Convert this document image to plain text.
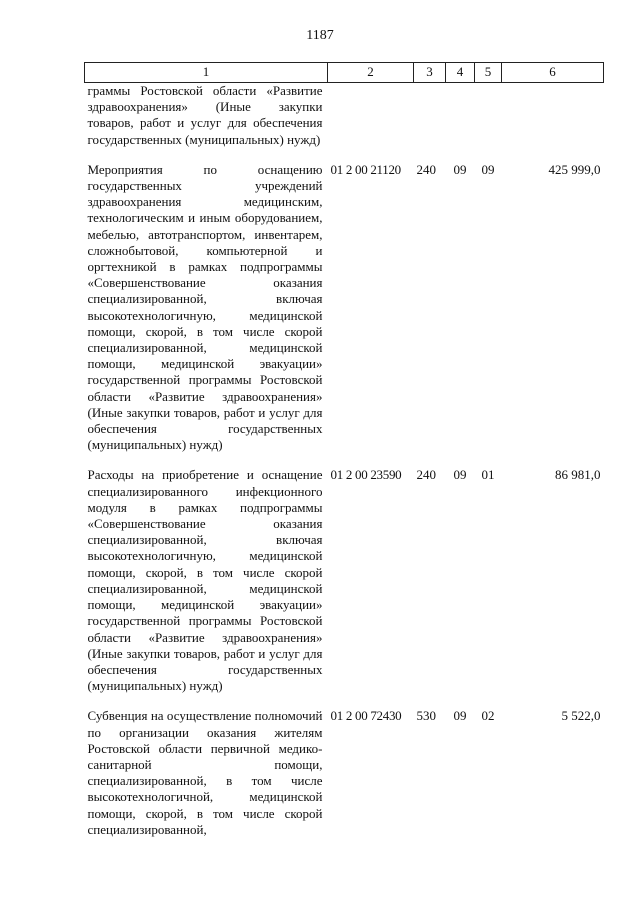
1187
1	2	3	4	5	6
граммы Ростовской области «Развитие здравоохранения» (Иные закупки товаров, работ и услуг для обеспечения государственных (муниципальных) нужд)					
Мероприятия по оснащению государственных учреждений здравоохранения медицинским, технологическим и иным оборудованием, мебелью, автотранспортом, инвентарем, сложнобытовой, компьютерной и оргтехникой в рамках подпрограммы «Совершенствование оказания специализированной, включая высокотехнологичную, медицинской помощи, скорой, в том числе скорой специализированной, медицинской помощи, медицинской эвакуации» государственной программы Ростовской области «Развитие здравоохранения» (Иные закупки товаров, работ и услуг для обеспечения государственных (муниципальных) нужд)	01 2 00 21120	240	09	09	425 999,0
Расходы на приобретение и оснащение специализированного инфекционного модуля в рамках подпрограммы «Совершенствование оказания специализированной, включая высокотехнологичную, медицинской помощи, скорой, в том числе скорой специализированной, медицинской помощи, медицинской эвакуации» государственной программы Ростовской области «Развитие здравоохранения» (Иные закупки товаров, работ и услуг для обеспечения государственных (муниципальных) нужд)	01 2 00 23590	240	09	01	86 981,0
Субвенция на осуществление полномочий по организации оказания жителям Ростовской области первичной медико-санитарной помощи, специализированной, в том числе высокотехнологичной, медицинской помощи, скорой, в том числе скорой специализированной,	01 2 00 72430	530	09	02	5 522,0
